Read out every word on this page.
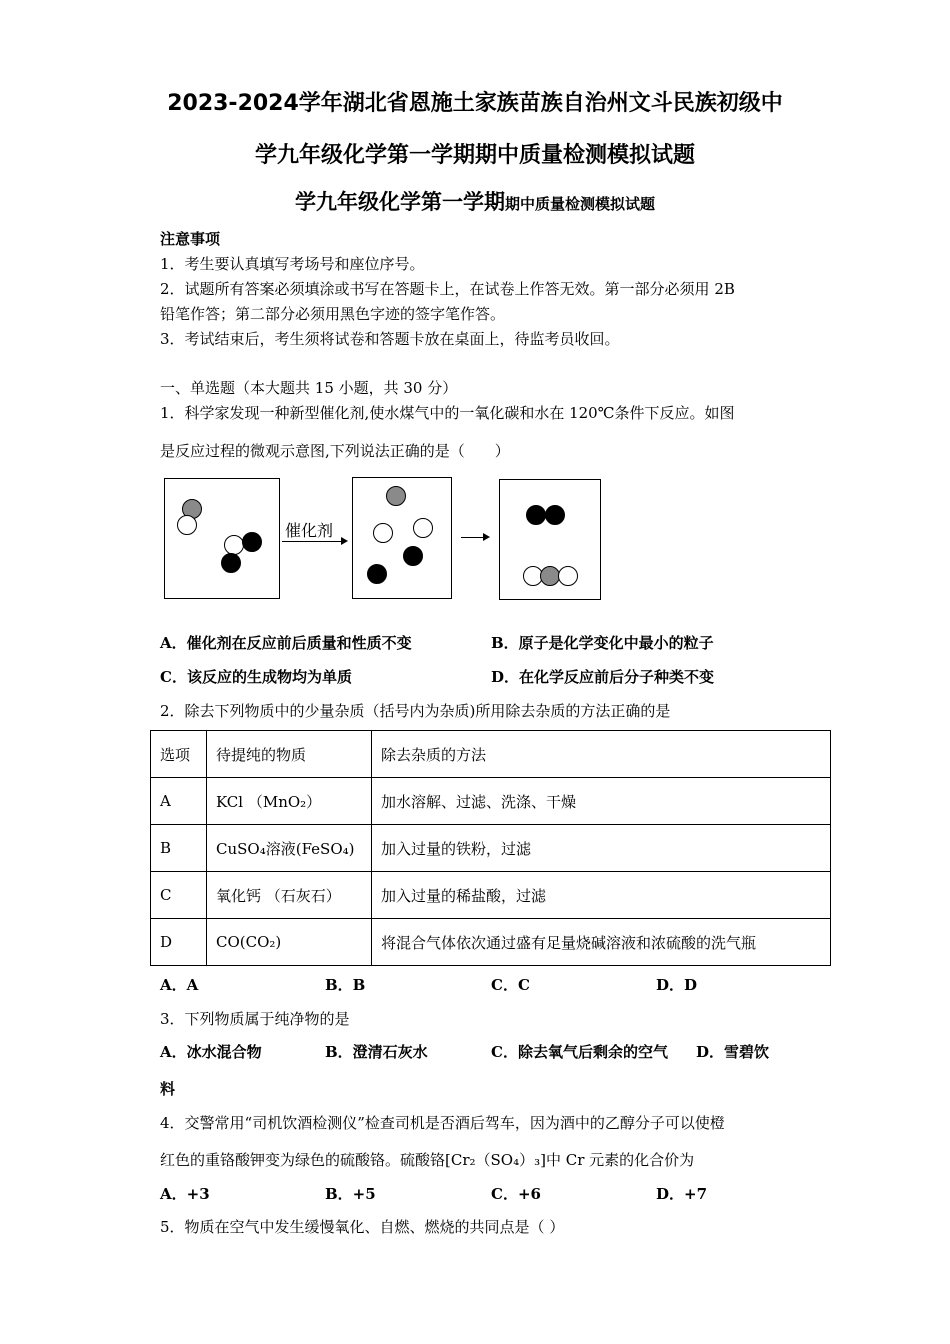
2023-2024学年湖北省恩施土家族苗族自治州文斗民族初级中
学九年级化学第一学期期中质量检测模拟试题
学九年级化学第一学期期中质量检测模拟试题
注意事项
1．考生要认真填写考场号和座位序号。
2．试题所有答案必须填涂或书写在答题卡上，在试卷上作答无效。第一部分必须用 2B
铅笔作答；第二部分必须用黑色字迹的签字笔作答。
3．考试结束后，考生须将试卷和答题卡放在桌面上，待监考员收回。
一、单选题（本大题共 15 小题，共 30 分）
1．科学家发现一种新型催化剂,使水煤气中的一氧化碳和水在 120℃条件下反应。如图
是反应过程的微观示意图,下列说法正确的是（　　）
催化剂
A．催化剂在反应前后质量和性质不变	B．原子是化学变化中最小的粒子
C．该反应的生成物均为单质	D．在化学反应前后分子种类不变
2．除去下列物质中的少量杂质（括号内为杂质)所用除去杂质的方法正确的是
选项	待提纯的物质	除去杂质的方法
A	KCl （MnO₂）	加水溶解、过滤、洗涤、干燥
B	CuSO₄溶液(FeSO₄)	加入过量的铁粉，过滤
C	氧化钙 （石灰石）	加入过量的稀盐酸，过滤
D	CO(CO₂)	将混合气体依次通过盛有足量烧碱溶液和浓硫酸的洗气瓶
A．A	B．B	C．C	D．D
3．下列物质属于纯净物的是
A．冰水混合物	B．澄清石灰水	C．除去氧气后剩余的空气 D．雪碧饮
料
4．交警常用“司机饮酒检测仪”检查司机是否酒后驾车，因为酒中的乙醇分子可以使橙
红色的重铬酸钾变为绿色的硫酸铬。硫酸铬[Cr₂（SO₄）₃]中 Cr 元素的化合价为
A．+3	B．+5	C．+6	D．+7
5．物质在空气中发生缓慢氧化、自燃、燃烧的共同点是（ ）
